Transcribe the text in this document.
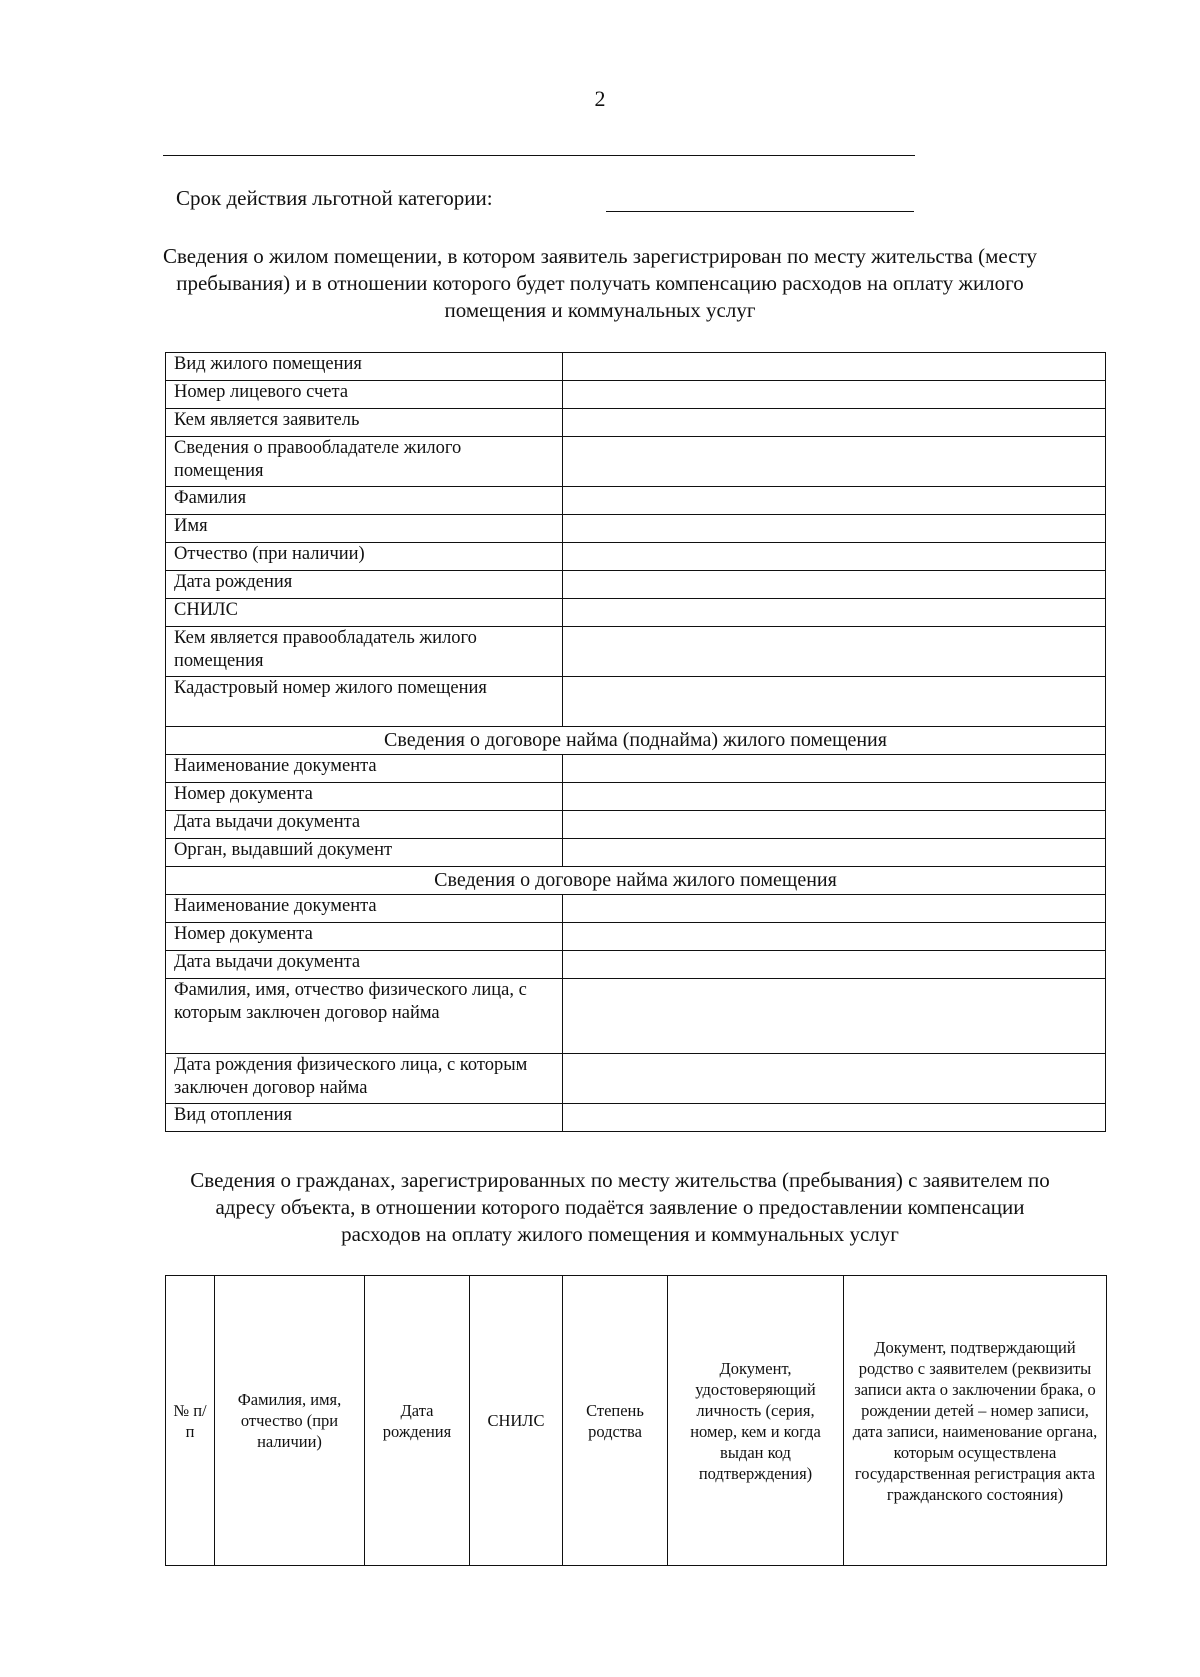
2
Срок действия льготной категории:
Сведения о жилом помещении, в котором заявитель зарегистрирован по месту жительства (месту пребывания) и в отношении которого будет получать компенсацию расходов на оплату жилого помещения и коммунальных услуг
Вид жилого помещения	
Номер лицевого счета	
Кем является заявитель	
Сведения о правообладателе жилого помещения	
Фамилия	
Имя	
Отчество (при наличии)	
Дата рождения	
СНИЛС	
Кем является правообладатель жилого помещения	
Кадастровый номер жилого помещения	
Сведения о договоре найма (поднайма) жилого помещения	
Наименование документа	
Номер документа	
Дата выдачи документа	
Орган, выдавший документ	
Сведения о договоре найма жилого помещения	
Наименование документа	
Номер документа	
Дата выдачи документа	
Фамилия, имя, отчество физического лица, с которым заключен договор найма	
Дата рождения физического лица, с которым заключен договор найма	
Вид отопления	
Сведения о гражданах, зарегистрированных по месту жительства (пребывания) с заявителем по адресу объекта, в отношении которого подаётся заявление о предоставлении компенсации расходов на оплату жилого помещения и коммунальных услуг
№ п/п	Фамилия, имя, отчество (при наличии)	Дата рождения	СНИЛС	Степень родства	Документ, удостоверяющий личность (серия, номер, кем и когда выдан код подтверждения)	Документ, подтверждающий родство с заявителем (реквизиты записи акта о заключении брака, о рождении детей – номер записи, дата записи, наименование органа, которым осуществлена государственная регистрация акта гражданского состояния)
